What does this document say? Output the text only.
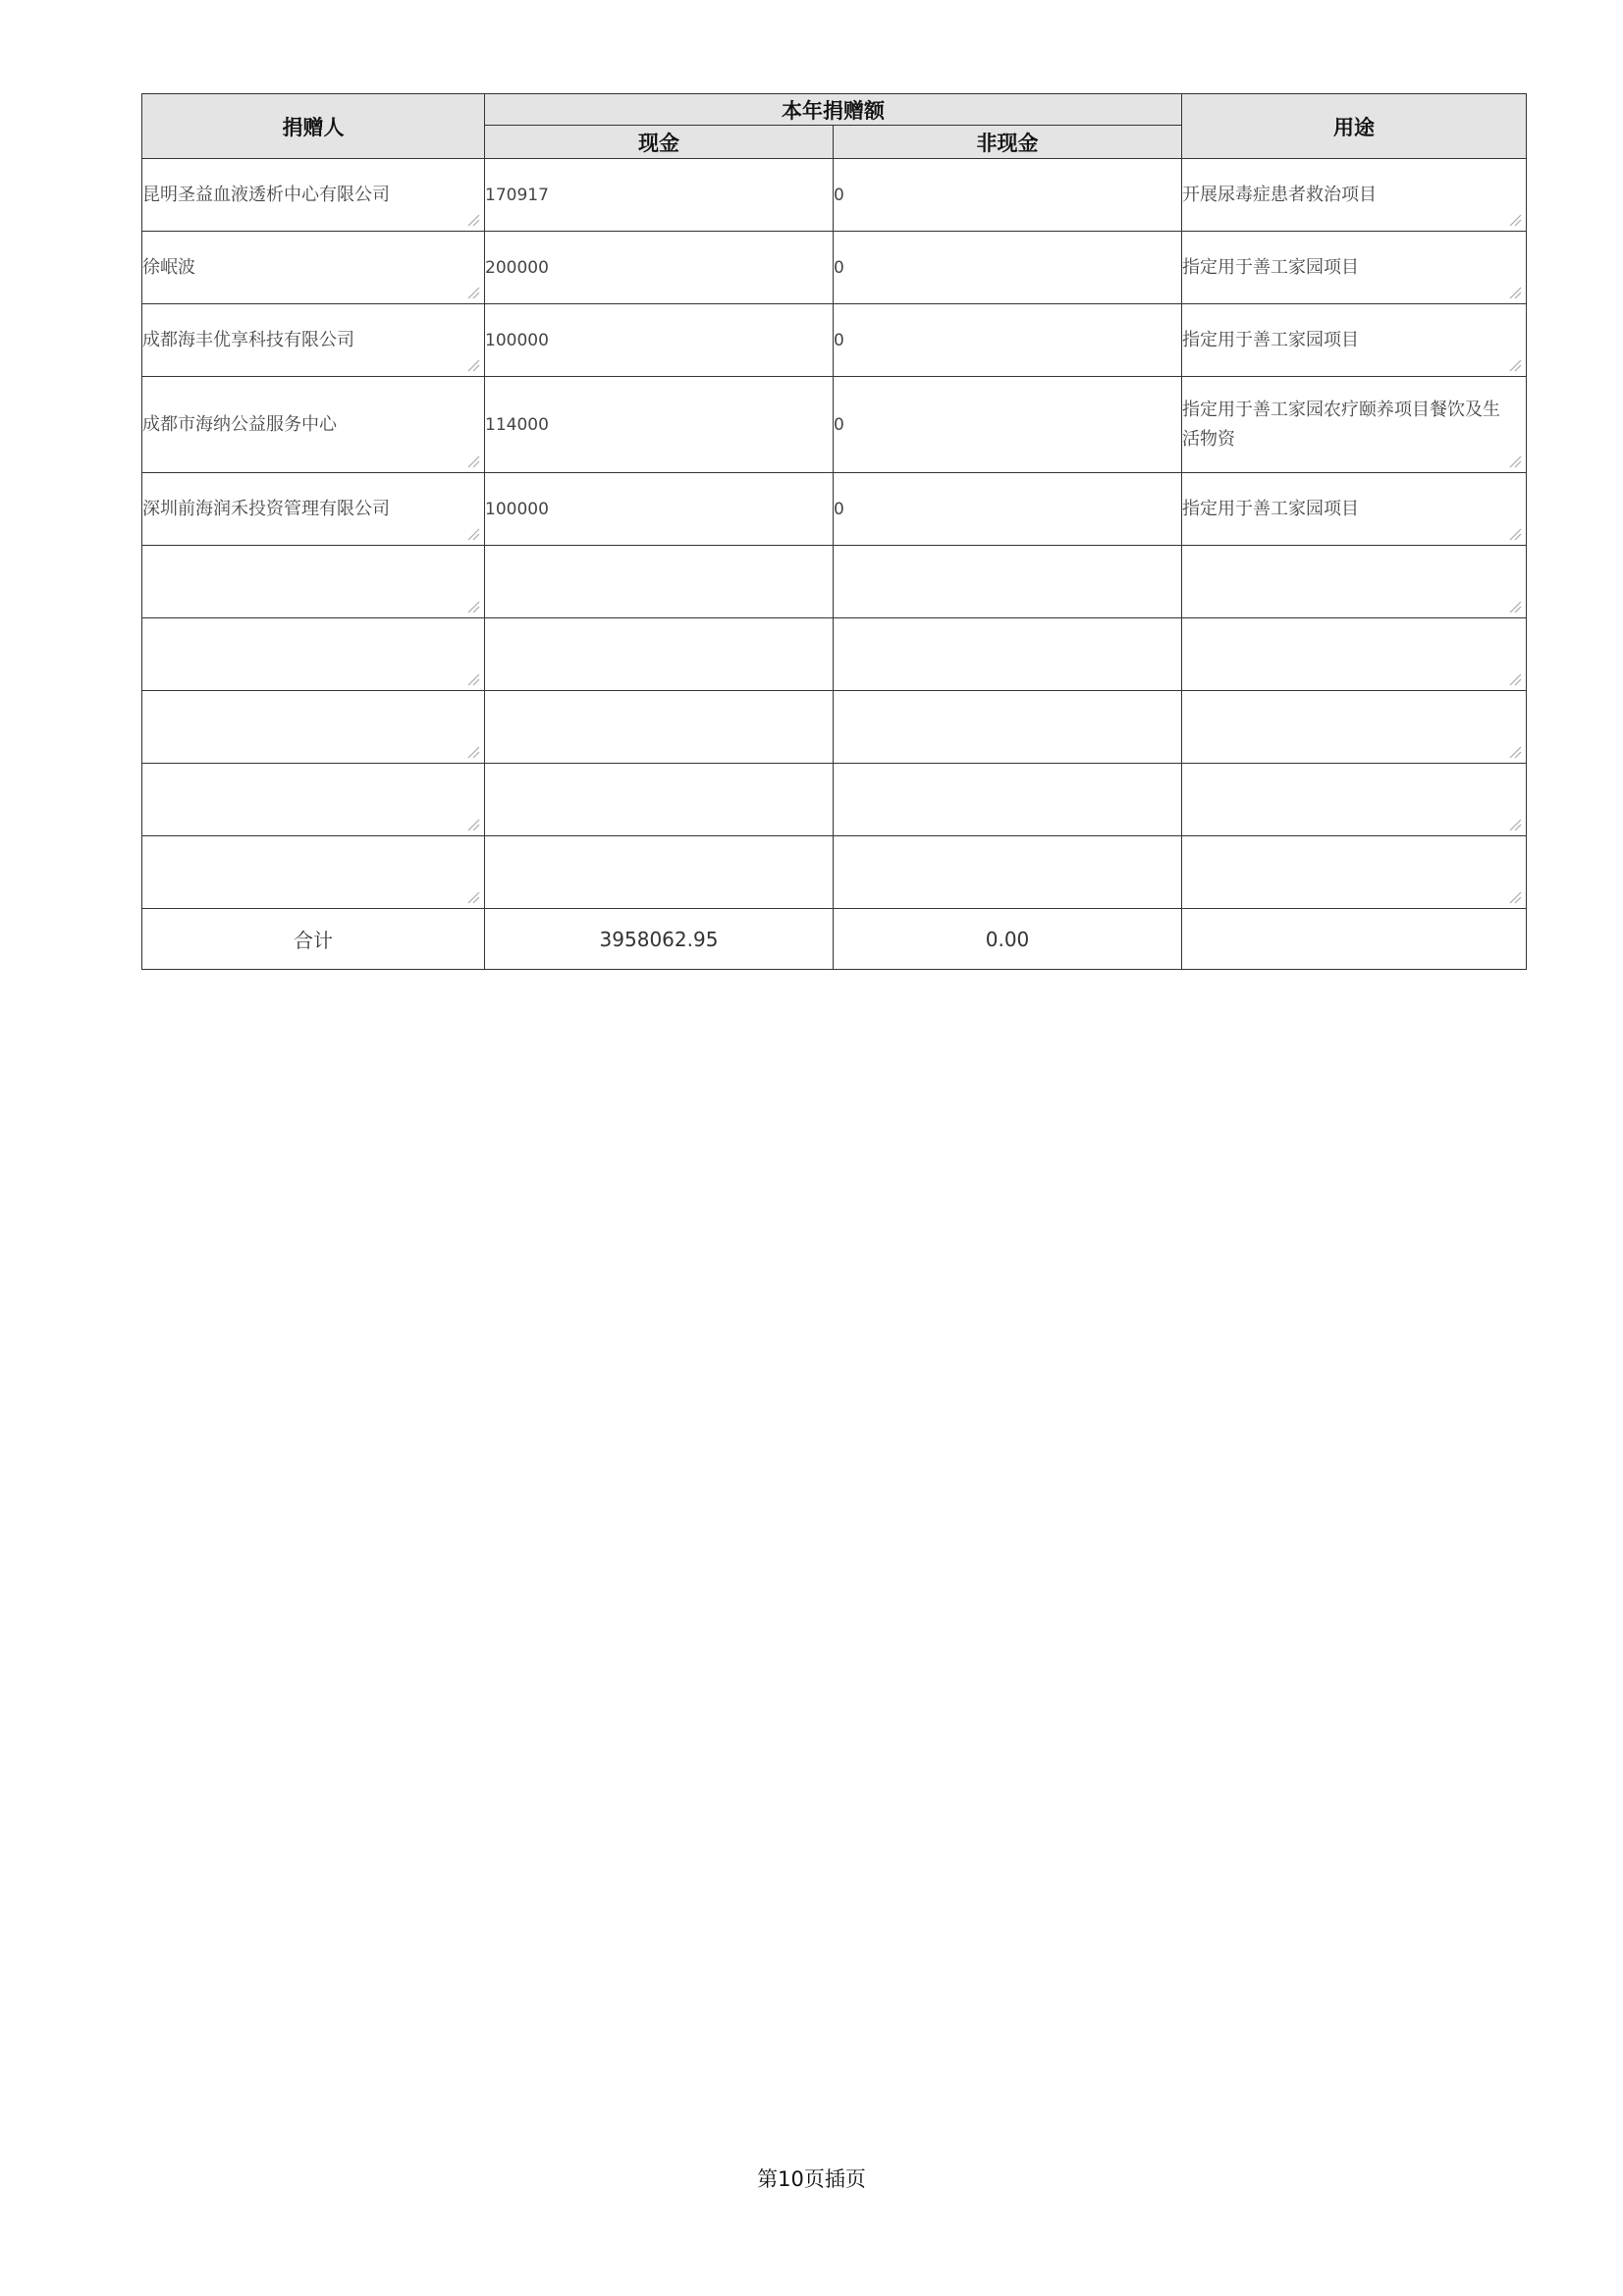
捐赠人	本年捐赠额		用途
	现金	非现金	

昆明圣益血液透析中心有限公司	170917	0	开展尿毒症患者救治项目

徐岷波	200000	0	指定用于善工家园项目

成都海丰优享科技有限公司	100000	0	指定用于善工家园项目

成都市海纳公益服务中心	114000	0	指定用于善工家园农疗颐养项目餐饮及生活物资

深圳前海润禾投资管理有限公司	100000	0	指定用于善工家园项目

合计	3958062.95	0.00	
第10页插页
